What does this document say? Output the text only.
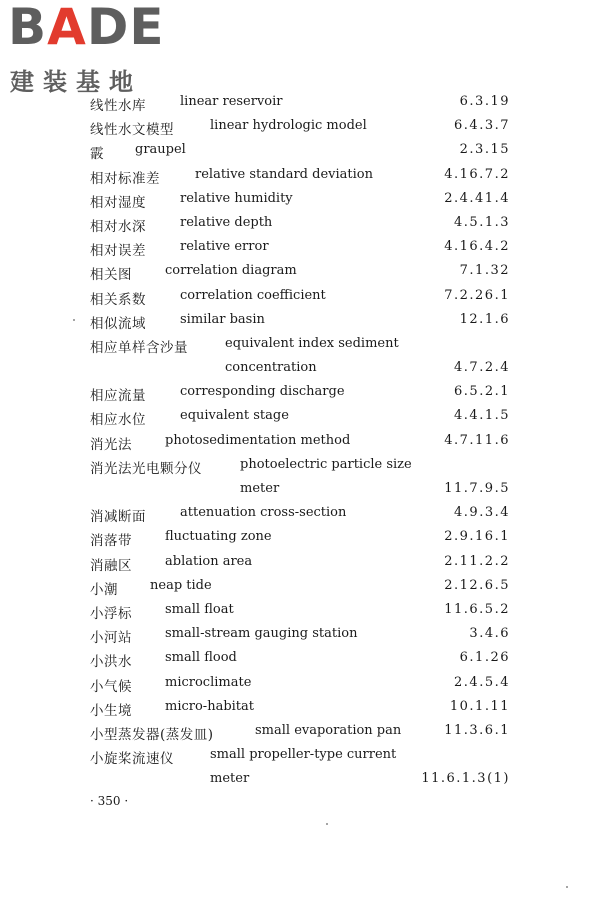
BADE
建装基地
线性水库	linear reservoir	6.3.19
线性水文模型	linear hydrologic model	6.4.3.7
霰 graupel	2.3.15
相对标准差	relative standard deviation	4.16.7.2
相对湿度	relative humidity	2.4.41.4
相对水深	relative depth	4.5.1.3
相对误差	relative error	4.16.4.2
相关图	correlation diagram	7.1.32
相关系数	correlation coefficient	7.2.26.1
相似流域	similar basin	12.1.6
相应单样含沙量	equivalent index sediment
concentration	4.7.2.4
相应流量	corresponding discharge	6.5.2.1
相应水位	equivalent stage	4.4.1.5
消光法	photosedimentation method	4.7.11.6
消光法光电颗分仪	photoelectric particle size
meter	11.7.9.5
消减断面	attenuation cross-section	4.9.3.4
消落带	fluctuating zone	2.9.16.1
消融区	ablation area	2.11.2.2
小潮 neap tide	2.12.6.5
小浮标	small float	11.6.5.2
小河站	small-stream gauging station	3.4.6
小洪水	small flood	6.1.26
小气候	microclimate	2.4.5.4
小生境	micro-habitat	10.1.11
小型蒸发器(蒸发皿)	small evaporation pan	11.3.6.1
小旋桨流速仪	small propeller-type current
meter	11.6.1.3(1)
· 350 ·
